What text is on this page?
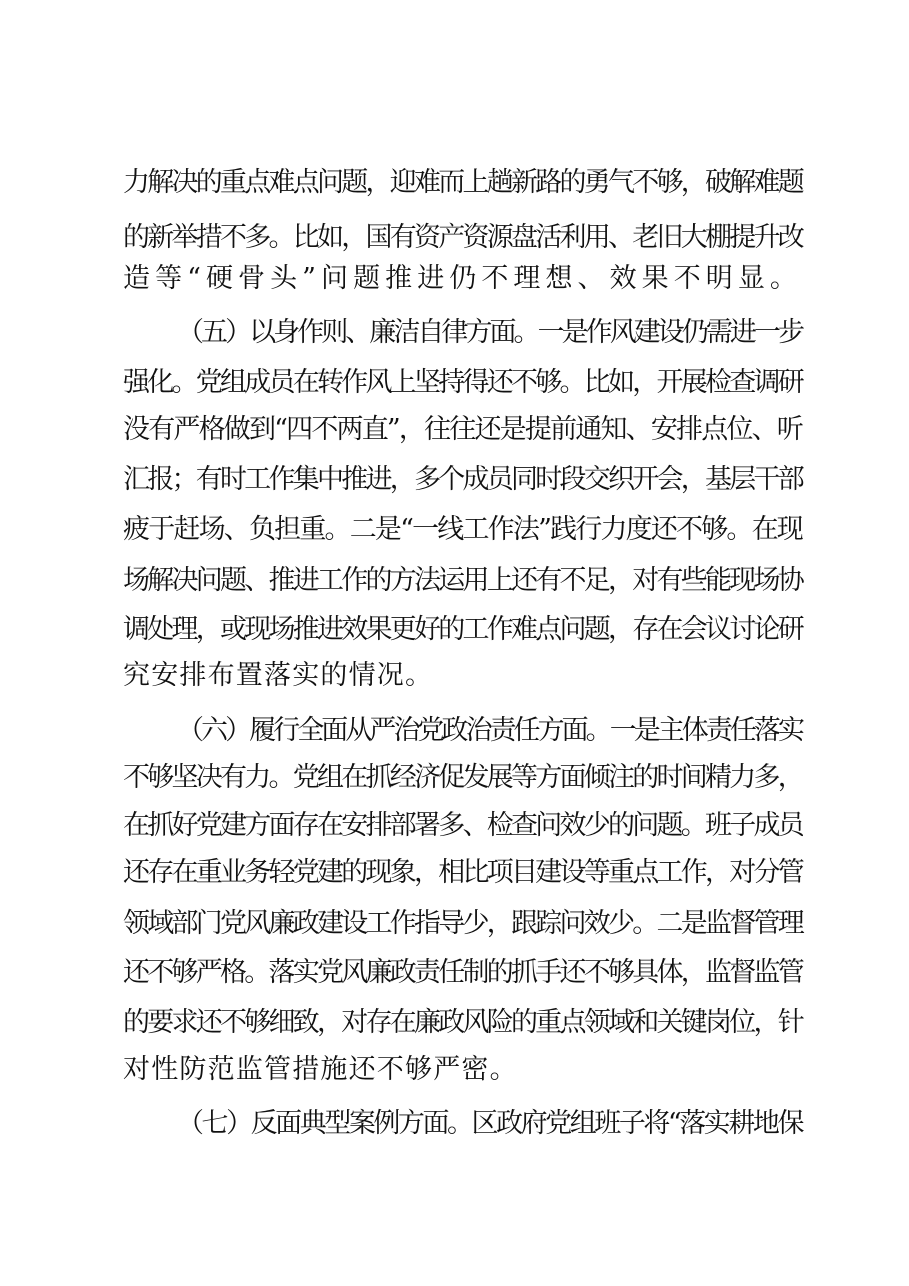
力解决的重点难点问题，迎难而上趟新路的勇气不够，破解难题
的新举措不多。比如，国有资产资源盘活利用、老旧大棚提升改
造等“硬骨头”问题推进仍不理想、效果不明显。
（五）以身作则、廉洁自律方面。一是作风建设仍需进一步
强化。党组成员在转作风上坚持得还不够。比如，开展检查调研
没有严格做到“四不两直”，往往还是提前通知、安排点位、听
汇报；有时工作集中推进，多个成员同时段交织开会，基层干部
疲于赶场、负担重。二是“一线工作法”践行力度还不够。在现
场解决问题、推进工作的方法运用上还有不足，对有些能现场协
调处理，或现场推进效果更好的工作难点问题，存在会议讨论研
究安排布置落实的情况。
（六）履行全面从严治党政治责任方面。一是主体责任落实
不够坚决有力。党组在抓经济促发展等方面倾注的时间精力多，
在抓好党建方面存在安排部署多、检查问效少的问题。班子成员
还存在重业务轻党建的现象，相比项目建设等重点工作，对分管
领域部门党风廉政建设工作指导少，跟踪问效少。二是监督管理
还不够严格。落实党风廉政责任制的抓手还不够具体，监督监管
的要求还不够细致，对存在廉政风险的重点领域和关键岗位，针
对性防范监管措施还不够严密。
（七）反面典型案例方面。区政府党组班子将“落实耕地保
